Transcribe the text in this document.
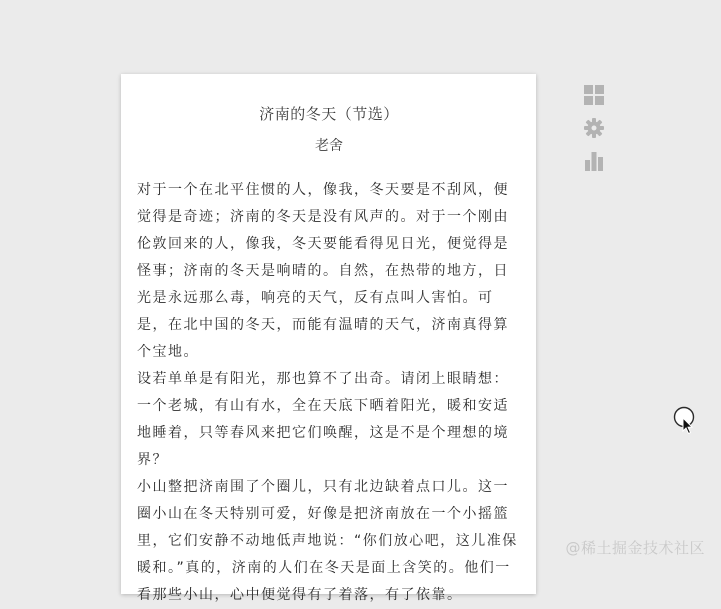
济南的冬天（节选）
老舍

对于一个在北平住惯的人，像我，冬天要是不刮风，便觉得是奇迹；济南的冬天是没有风声的。对于一个刚由伦敦回来的人，像我，冬天要能看得见日光，便觉得是怪事；济南的冬天是响晴的。自然，在热带的地方，日光是永远那么毒，响亮的天气，反有点叫人害怕。可是，在北中国的冬天，而能有温晴的天气，济南真得算个宝地。

设若单单是有阳光，那也算不了出奇。请闭上眼睛想：一个老城，有山有水，全在天底下晒着阳光，暖和安适地睡着，只等春风来把它们唤醒，这是不是个理想的境界？

小山整把济南围了个圈儿，只有北边缺着点口儿。这一圈小山在冬天特别可爱，好像是把济南放在一个小摇篮里，它们安静不动地低声地说：“你们放心吧，这儿准保暖和。”真的，济南的人们在冬天是面上含笑的。他们一看那些小山，心中便觉得有了着落，有了依靠。

@稀土掘金技术社区
